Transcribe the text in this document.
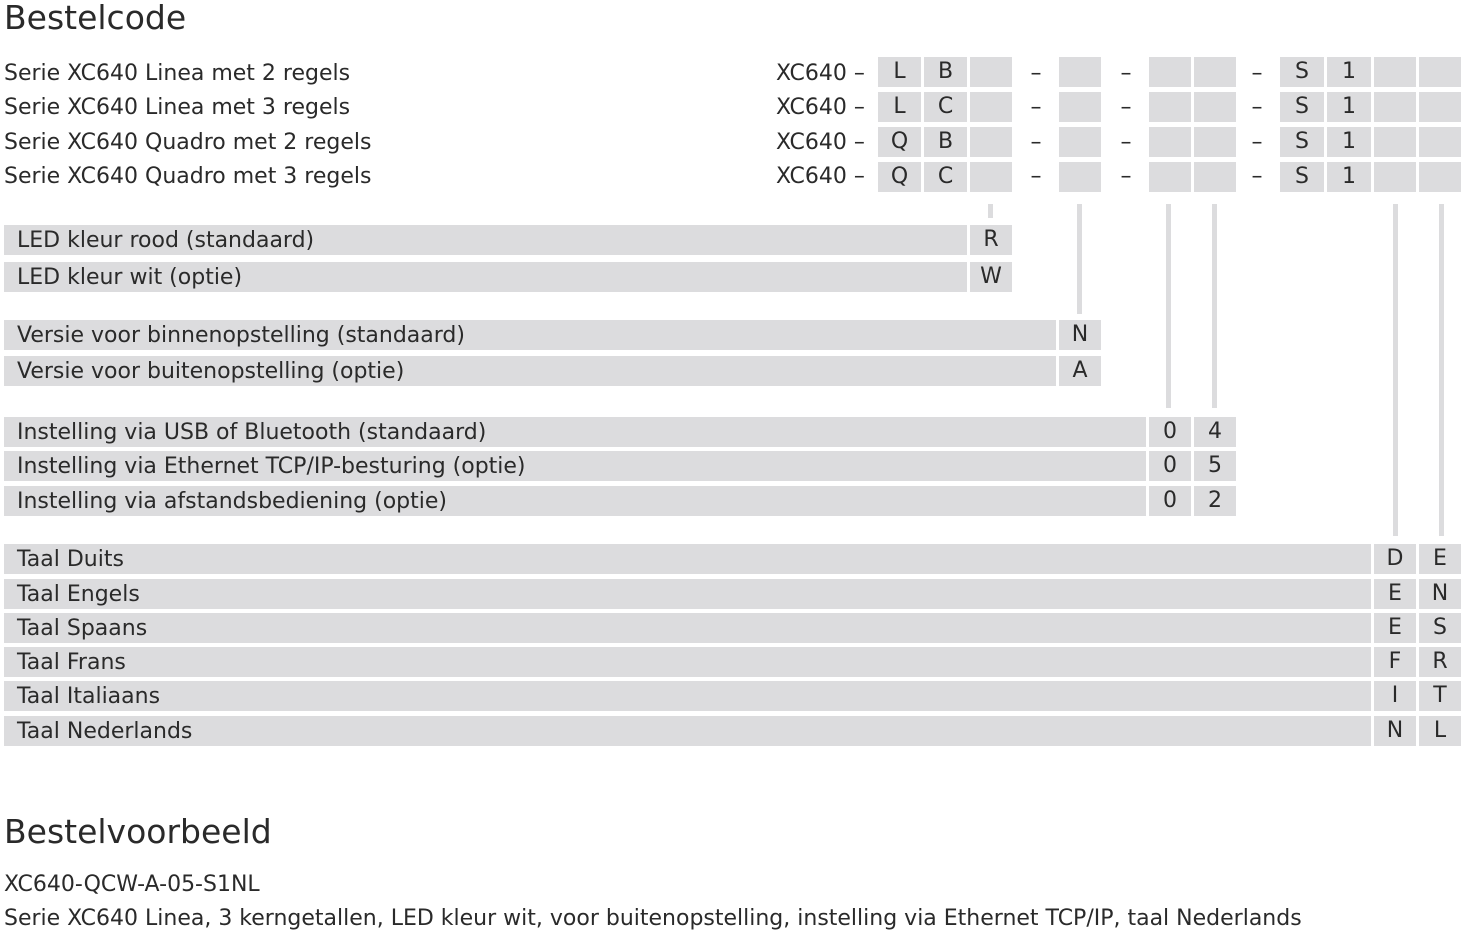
Bestelcode
Serie XC640 Linea met 2 regels	XC640 –	L	B	–	–	–	S	1
Serie XC640 Linea met 3 regels	XC640 –	L	C	–	–	–	S	1
Serie XC640 Quadro met 2 regels	XC640 –	Q	B	–	–	–	S	1
Serie XC640 Quadro met 3 regels	XC640 –	Q	C	–	–	–	S	1
LED kleur rood (standaard)	R
LED kleur wit (optie)	W
Versie voor binnenopstelling (standaard)	N
Versie voor buitenopstelling (optie)	A
Instelling via USB of Bluetooth (standaard)	0	4
Instelling via Ethernet TCP/IP-besturing (optie)	0	5
Instelling via afstandsbediening (optie)	0	2
Taal Duits	D	E
Taal Engels	E	N
Taal Spaans	E	S
Taal Frans	F	R
Taal Italiaans	I	T
Taal Nederlands	N	L
Bestelvoorbeeld
XC640-QCW-A-05-S1NL
Serie XC640 Linea, 3 kerngetallen, LED kleur wit, voor buitenopstelling, instelling via Ethernet TCP/IP, taal Nederlands
